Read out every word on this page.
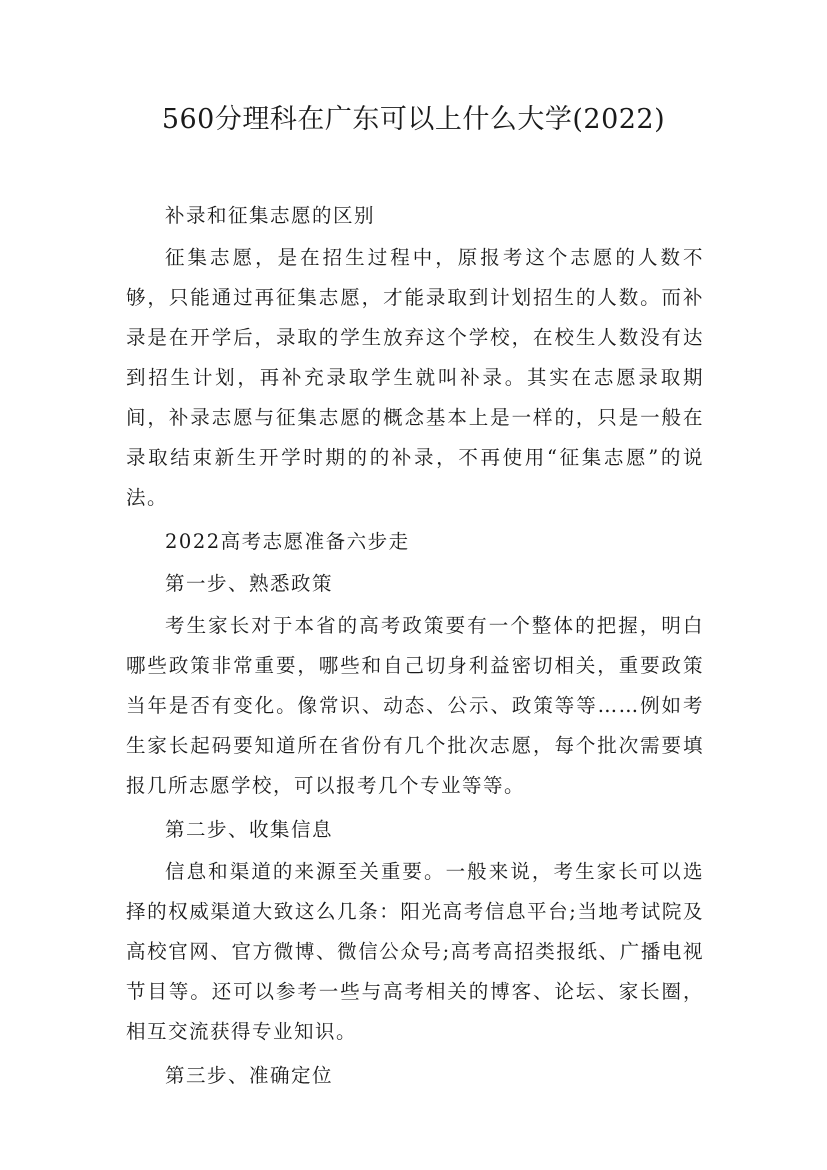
560分理科在广东可以上什么大学(2022)

补录和征集志愿的区别

征集志愿，是在招生过程中，原报考这个志愿的人数不够，只能通过再征集志愿，才能录取到计划招生的人数。而补录是在开学后，录取的学生放弃这个学校，在校生人数没有达到招生计划，再补充录取学生就叫补录。其实在志愿录取期间，补录志愿与征集志愿的概念基本上是一样的，只是一般在录取结束新生开学时期的的补录，不再使用“征集志愿”的说法。

2022高考志愿准备六步走

第一步、熟悉政策

考生家长对于本省的高考政策要有一个整体的把握，明白哪些政策非常重要，哪些和自己切身利益密切相关，重要政策当年是否有变化。像常识、动态、公示、政策等等……例如考生家长起码要知道所在省份有几个批次志愿，每个批次需要填报几所志愿学校，可以报考几个专业等等。

第二步、收集信息

信息和渠道的来源至关重要。一般来说，考生家长可以选择的权威渠道大致这么几条：阳光高考信息平台;当地考试院及高校官网、官方微博、微信公众号;高考高招类报纸、广播电视节目等。还可以参考一些与高考相关的博客、论坛、家长圈，相互交流获得专业知识。

第三步、准确定位
